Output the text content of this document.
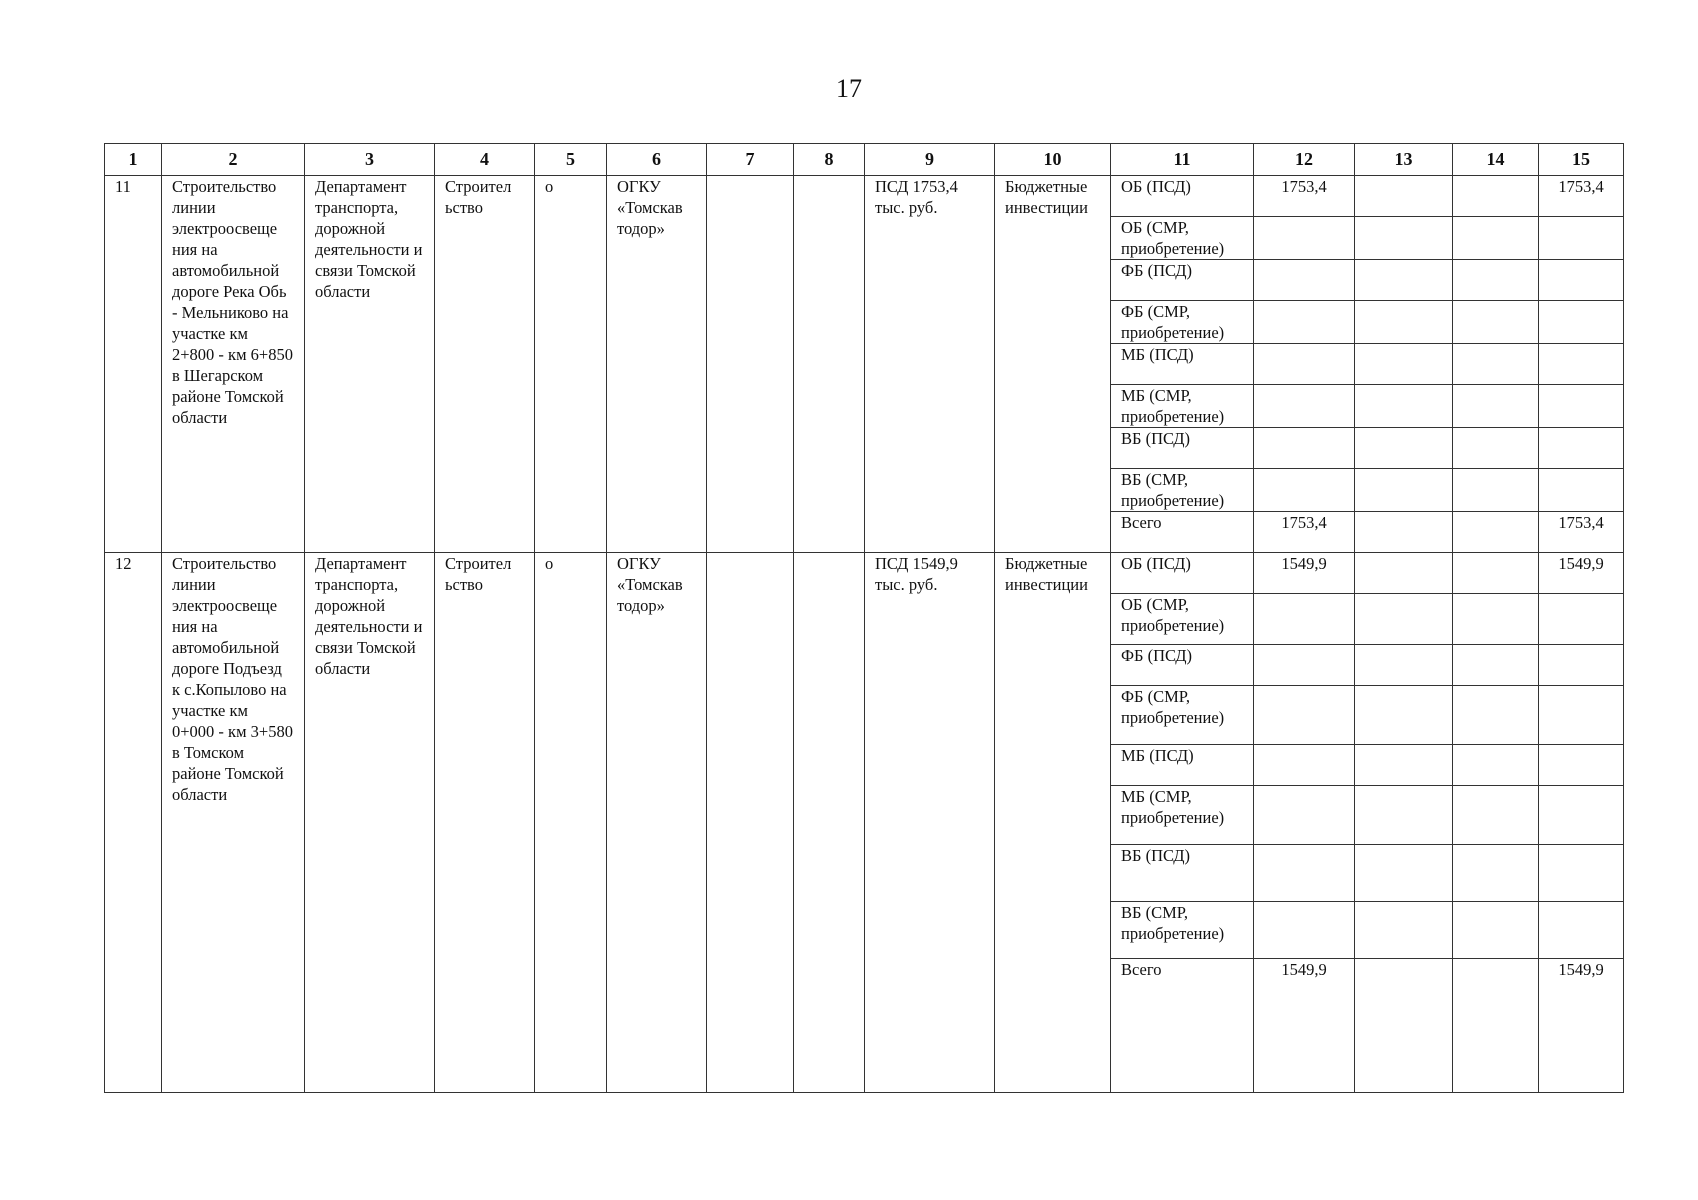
17
1	2	3	4	5	6	7	8	9	10	11	12	13	14	15
11	Строительство линии электроосвеще ния на автомобильной дороге Река Обь - Мельниково на участке км 2+800 - км 6+850 в Шегарском районе Томской области	Департамент транспорта, дорожной деятельности и связи Томской области	Строител ьство	о	ОГКУ «Томскав тодор»			ПСД 1753,4 тыс. руб.	Бюджетные инвестиции	ОБ (ПСД)	1753,4			1753,4
										ОБ (СМР, приобретение)				
										ФБ (ПСД)				
										ФБ (СМР, приобретение)				
										МБ (ПСД)				
										МБ (СМР, приобретение)				
										ВБ (ПСД)				
										ВБ (СМР, приобретение)				
										Всего	1753,4			1753,4
12	Строительство линии электроосвеще ния на автомобильной дороге Подъезд к с.Копылово на участке км 0+000 - км 3+580 в Томском районе Томской области	Департамент транспорта, дорожной деятельности и связи Томской области	Строител ьство	о	ОГКУ «Томскав тодор»			ПСД 1549,9 тыс. руб.	Бюджетные инвестиции	ОБ (ПСД)	1549,9			1549,9
										ОБ (СМР, приобретение)				
										ФБ (ПСД)				
										ФБ (СМР, приобретение)				
										МБ (ПСД)				
										МБ (СМР, приобретение)				
										ВБ (ПСД)				
										ВБ (СМР, приобретение)				
										Всего	1549,9			1549,9
